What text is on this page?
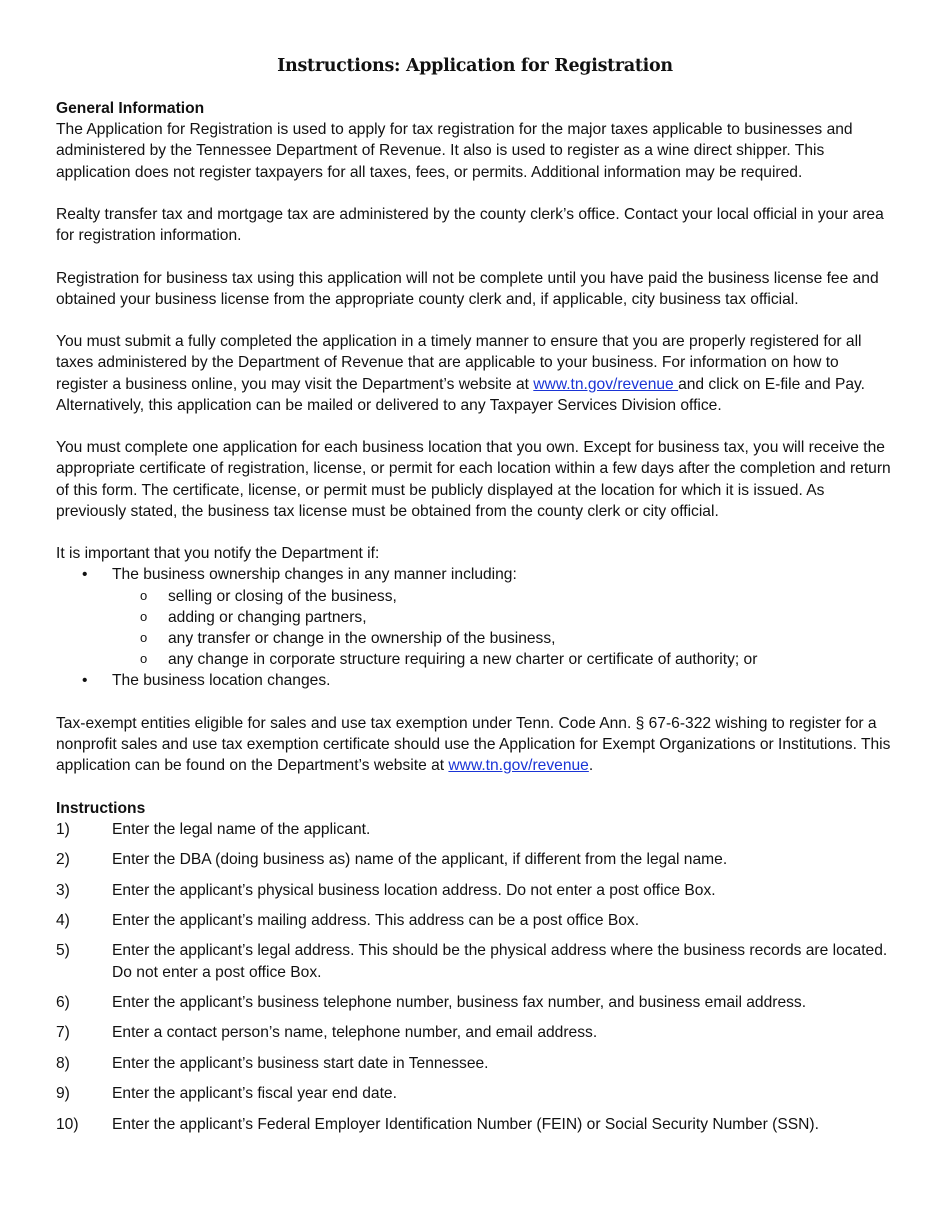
Instructions: Application for Registration
General Information

The Application for Registration is used to apply for tax registration for the major taxes applicable to businesses and administered by the Tennessee Department of Revenue. It also is used to register as a wine direct shipper. This application does not register taxpayers for all taxes, fees, or permits. Additional information may be required.

Realty transfer tax and mortgage tax are administered by the county clerk’s office. Contact your local official in your area for registration information.

Registration for business tax using this application will not be complete until you have paid the business license fee and obtained your business license from the appropriate county clerk and, if applicable, city business tax official.

You must submit a fully completed the application in a timely manner to ensure that you are properly registered for all taxes administered by the Department of Revenue that are applicable to your business. For information on how to register a business online, you may visit the Department’s website at www.tn.gov/revenue and click on E-file and Pay. Alternatively, this application can be mailed or delivered to any Taxpayer Services Division office.

You must complete one application for each business location that you own. Except for business tax, you will receive the appropriate certificate of registration, license, or permit for each location within a few days after the completion and return of this form. The certificate, license, or permit must be publicly displayed at the location for which it is issued. As previously stated, the business tax license must be obtained from the county clerk or city official.

It is important that you notify the Department if:
• The business ownership changes in any manner including:
o selling or closing of the business,
o adding or changing partners,
o any transfer or change in the ownership of the business,
o any change in corporate structure requiring a new charter or certificate of authority; or
• The business location changes.

Tax-exempt entities eligible for sales and use tax exemption under Tenn. Code Ann. § 67-6-322 wishing to register for a nonprofit sales and use tax exemption certificate should use the Application for Exempt Organizations or Institutions. This application can be found on the Department’s website at www.tn.gov/revenue.

Instructions
1)	Enter the legal name of the applicant.
2)	Enter the DBA (doing business as) name of the applicant, if different from the legal name.
3)	Enter the applicant’s physical business location address. Do not enter a post office Box.
4)	Enter the applicant’s mailing address. This address can be a post office Box.
5)	Enter the applicant’s legal address. This should be the physical address where the business records are located. Do not enter a post office Box.
6)	Enter the applicant’s business telephone number, business fax number, and business email address.
7)	Enter a contact person’s name, telephone number, and email address.
8)	Enter the applicant’s business start date in Tennessee.
9)	Enter the applicant’s fiscal year end date.
10) Enter the applicant’s Federal Employer Identification Number (FEIN) or Social Security Number (SSN).
